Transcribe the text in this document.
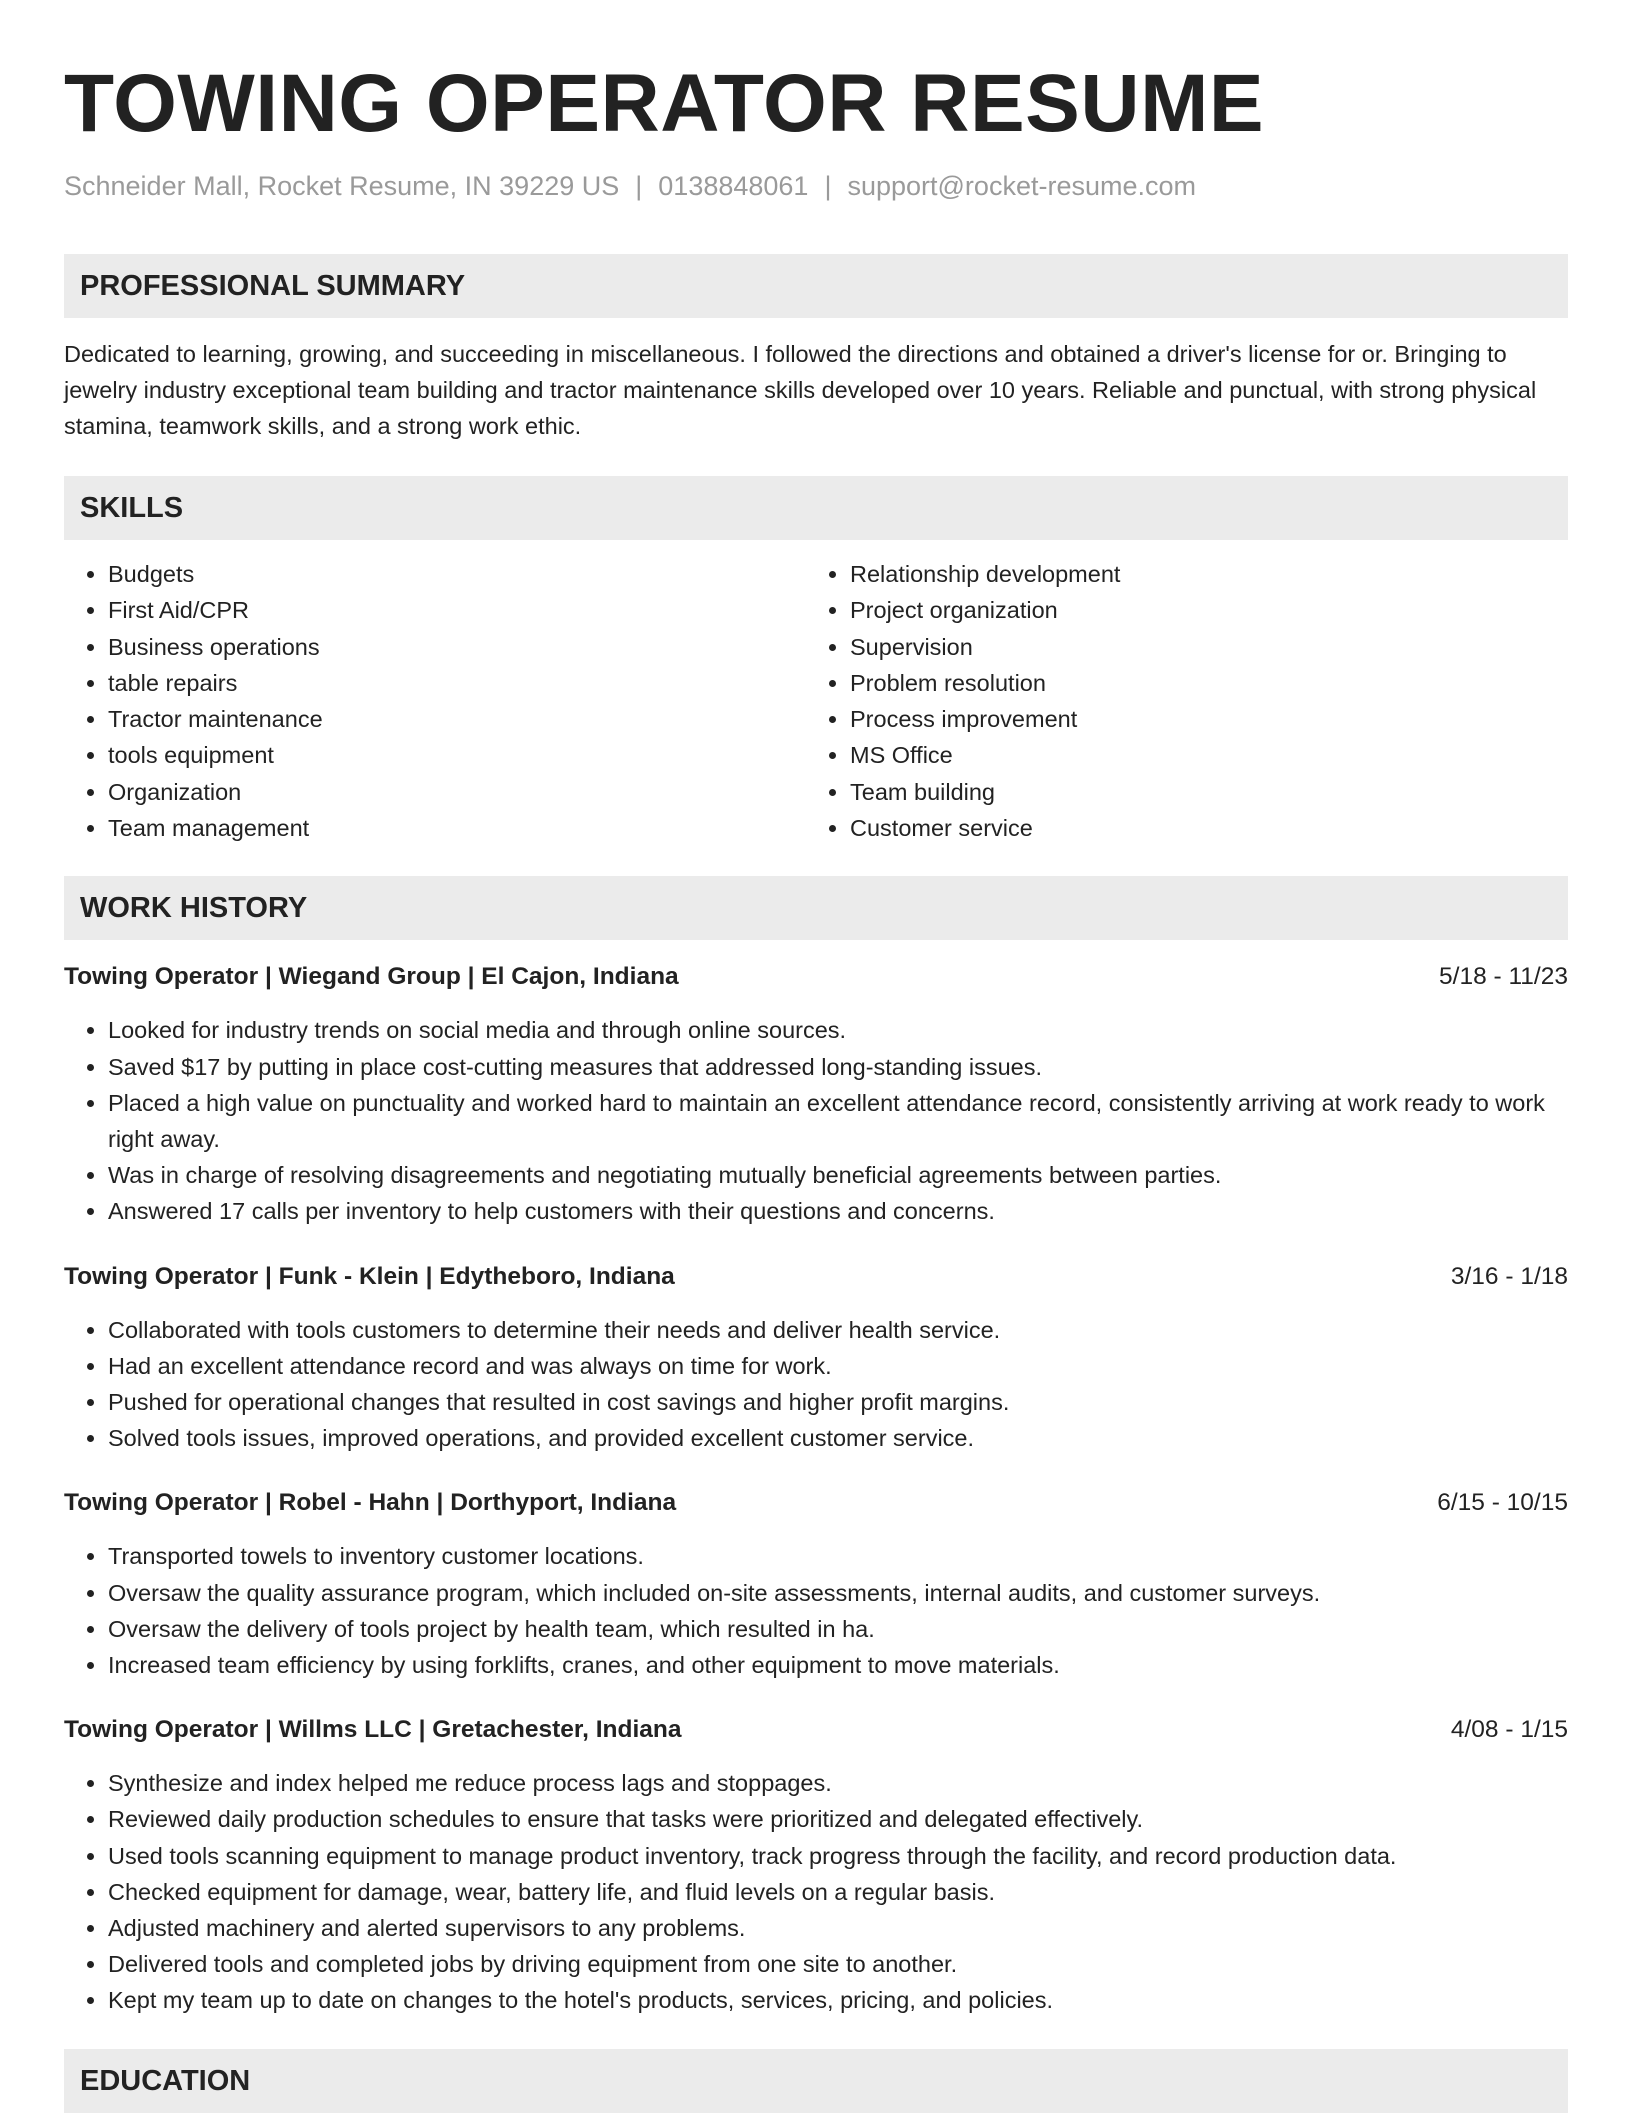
TOWING OPERATOR RESUME
Schneider Mall, Rocket Resume, IN 39229 US | 0138848061 | support@rocket-resume.com
PROFESSIONAL SUMMARY

Dedicated to learning, growing, and succeeding in miscellaneous. I followed the directions and obtained a driver's license for or. Bringing to jewelry industry exceptional team building and tractor maintenance skills developed over 10 years. Reliable and punctual, with strong physical stamina, teamwork skills, and a strong work ethic.

SKILLS
• Budgets
• First Aid/CPR
• Business operations
• table repairs
• Tractor maintenance
• tools equipment
• Organization
• Team management
• Relationship development
• Project organization
• Supervision
• Problem resolution
• Process improvement
• MS Office
• Team building
• Customer service
WORK HISTORY
Towing Operator | Wiegand Group | El Cajon, Indiana	5/18 - 11/23
• Looked for industry trends on social media and through online sources.
• Saved $17 by putting in place cost-cutting measures that addressed long-standing issues.
• Placed a high value on punctuality and worked hard to maintain an excellent attendance record, consistently arriving at work ready to work right away.
• Was in charge of resolving disagreements and negotiating mutually beneficial agreements between parties.
• Answered 17 calls per inventory to help customers with their questions and concerns.
Towing Operator | Funk - Klein | Edytheboro, Indiana	3/16 - 1/18
• Collaborated with tools customers to determine their needs and deliver health service.
• Had an excellent attendance record and was always on time for work.
• Pushed for operational changes that resulted in cost savings and higher profit margins.
• Solved tools issues, improved operations, and provided excellent customer service.
Towing Operator | Robel - Hahn | Dorthyport, Indiana	6/15 - 10/15
• Transported towels to inventory customer locations.
• Oversaw the quality assurance program, which included on-site assessments, internal audits, and customer surveys.
• Oversaw the delivery of tools project by health team, which resulted in ha.
• Increased team efficiency by using forklifts, cranes, and other equipment to move materials.
Towing Operator | Willms LLC | Gretachester, Indiana	4/08 - 1/15
• Synthesize and index helped me reduce process lags and stoppages.
• Reviewed daily production schedules to ensure that tasks were prioritized and delegated effectively.
• Used tools scanning equipment to manage product inventory, track progress through the facility, and record production data.
• Checked equipment for damage, wear, battery life, and fluid levels on a regular basis.
• Adjusted machinery and alerted supervisors to any problems.
• Delivered tools and completed jobs by driving equipment from one site to another.
• Kept my team up to date on changes to the hotel's products, services, pricing, and policies.
EDUCATION
